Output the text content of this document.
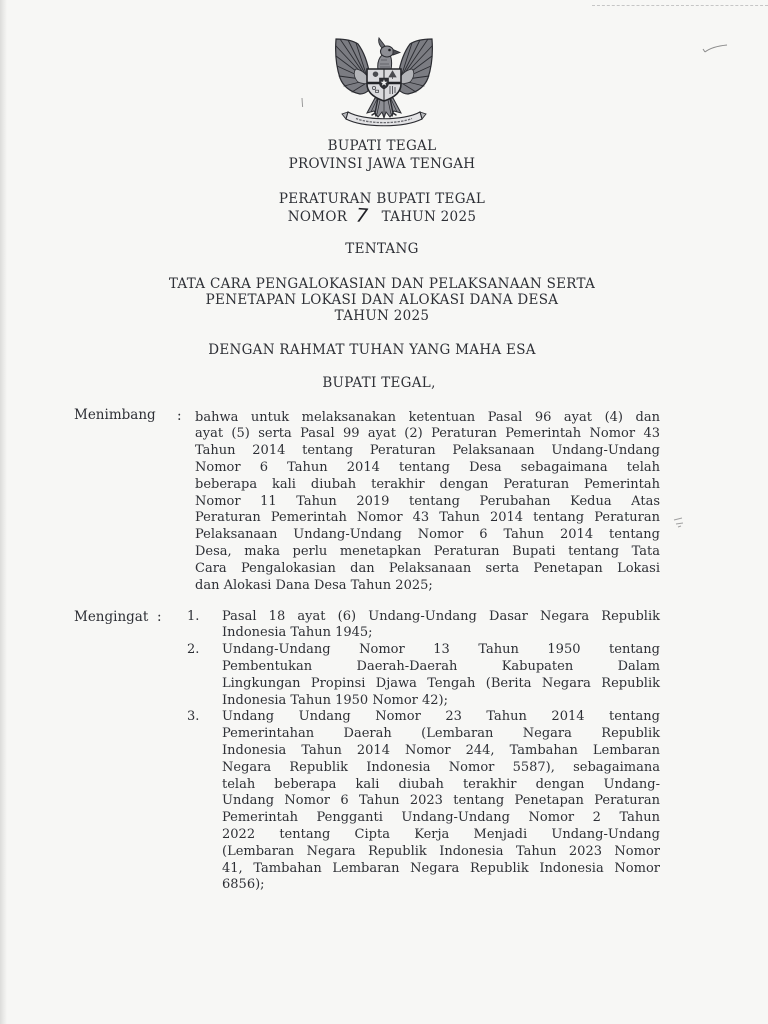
BUPATI TEGAL
PROVINSI JAWA TENGAH
PERATURAN BUPATI TEGAL
NOMOR 7 TAHUN 2025
TENTANG
TATA CARA PENGALOKASIAN DAN PELAKSANAAN SERTA
PENETAPAN LOKASI DAN ALOKASI DANA DESA
TAHUN 2025
DENGAN RAHMAT TUHAN YANG MAHA ESA
BUPATI TEGAL,
Menimbang : bahwa untuk melaksanakan ketentuan Pasal 96 ayat (4) dan
ayat (5) serta Pasal 99 ayat (2) Peraturan Pemerintah Nomor 43
Tahun 2014 tentang Peraturan Pelaksanaan Undang-Undang
Nomor 6 Tahun 2014 tentang Desa sebagaimana telah
beberapa kali diubah terakhir dengan Peraturan Pemerintah
Nomor 11 Tahun 2019 tentang Perubahan Kedua Atas
Peraturan Pemerintah Nomor 43 Tahun 2014 tentang Peraturan
Pelaksanaan Undang-Undang Nomor 6 Tahun 2014 tentang
Desa, maka perlu menetapkan Peraturan Bupati tentang Tata
Cara Pengalokasian dan Pelaksanaan serta Penetapan Lokasi
dan Alokasi Dana Desa Tahun 2025;
Mengingat : 1.	Pasal 18 ayat (6) Undang-Undang Dasar Negara Republik
Indonesia Tahun 1945;
2.	Undang-Undang Nomor 13 Tahun 1950 tentang
Pembentukan Daerah-Daerah Kabupaten Dalam
Lingkungan Propinsi Djawa Tengah (Berita Negara Republik
Indonesia Tahun 1950 Nomor 42);
3.	Undang Undang Nomor 23 Tahun 2014 tentang
Pemerintahan Daerah (Lembaran Negara Republik
Indonesia Tahun 2014 Nomor 244, Tambahan Lembaran
Negara Republik Indonesia Nomor 5587), sebagaimana
telah beberapa kali diubah terakhir dengan Undang-
Undang Nomor 6 Tahun 2023 tentang Penetapan Peraturan
Pemerintah Pengganti Undang-Undang Nomor 2 Tahun
2022 tentang Cipta Kerja Menjadi Undang-Undang
(Lembaran Negara Republik Indonesia Tahun 2023 Nomor
41, Tambahan Lembaran Negara Republik Indonesia Nomor
6856);
